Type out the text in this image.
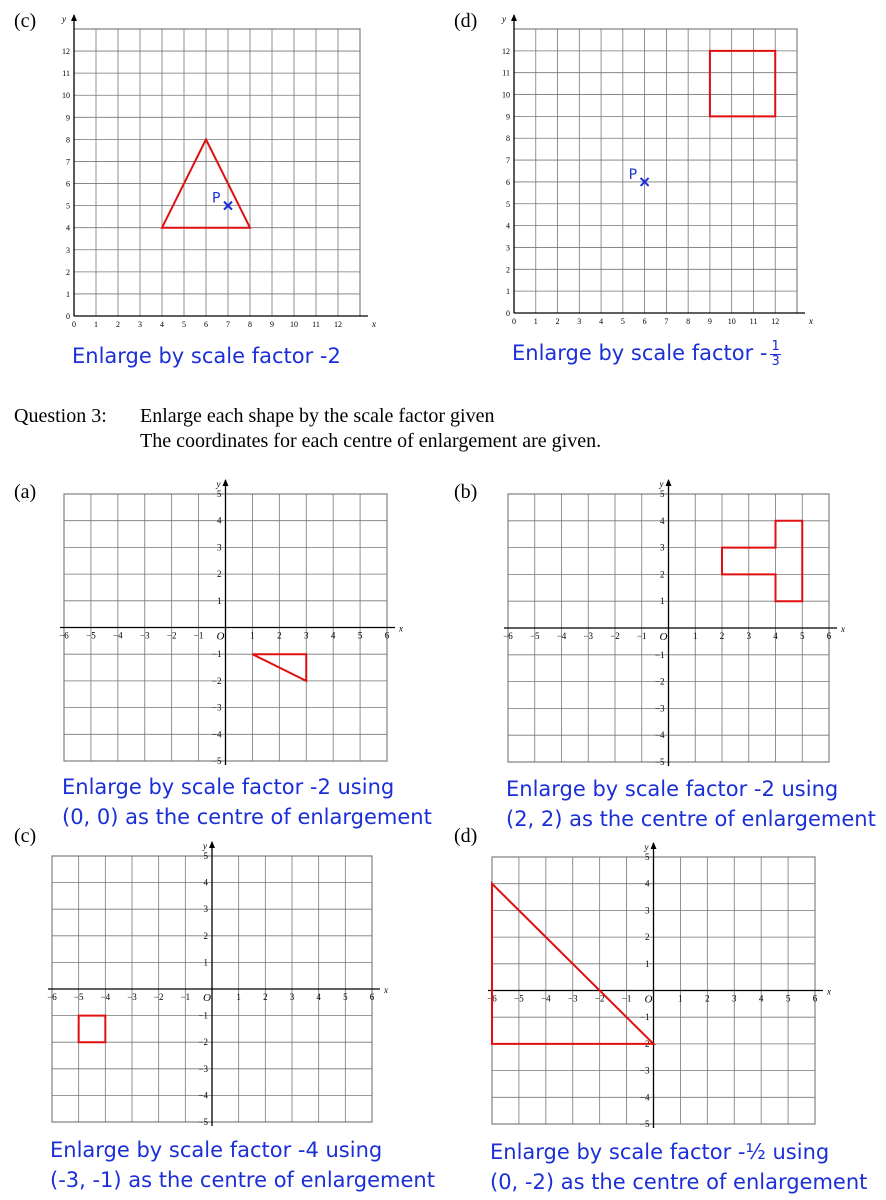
(c)
0 1 2 3 4 5 6 7 8 9 10 11 12
0
1
2
3
4
5
6
7
8
9
10
11
12
x
y
P
0 1 2 3 4 5 6 7 8 9 10 11 12
0
1
2
3
4
5
6
7
8
9
10
11
12
x
y
P
−6 −5 −4 −3 −2 −1	1 2 3 4 5 6
−5
−4
−3
−2
−1
1
2
3
4
5
x
y
O	−6 −5 −4 −3 −2 −1	1 2 3 4 5 6
−5
−4
−3
−2
−1
1
2
3
4
5
x
y
O
−6 −5 −4 −3 −2 −1	1 2 3 4 5 6
−5
−4
−3
−2
−1
1
2
3
4
5
x
y
O	−6 −5 −4 −3 −2 −1	1 2 3 4 5 6
−5
−4
−3
−2
−1
1
2
3
4
5
x
y
O
Enlarge by scale factor -2
(d)
Enlarge by scale factor - $\frac{1}{3}$
Question 3: Enlarge each shape by the scale factor given
The coordinates for each centre of enlargement are given.
(a)	(b)
(c)	(d)
Enlarge by scale factor -2 using
(0, 0) as the centre of enlargement
Enlarge by scale factor -2 using
(2, 2) as the centre of enlargement
Enlarge by scale factor -4 using
(-3, -1) as the centre of enlargement
Enlarge by scale factor -½ using
(0, -2) as the centre of enlargement
